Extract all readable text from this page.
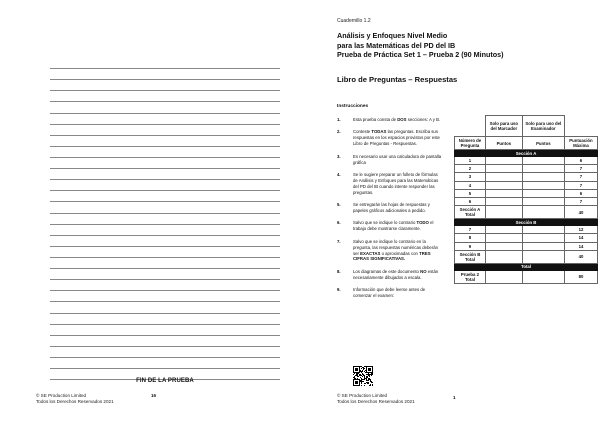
FIN DE LA PRUEBA
© SE Production Limited
Todos los Derechos Reservados 2021
16
Cuadernillo 1.2
Análisis y Enfoques Nivel Medio
para las Matemáticas del PD del IB
Prueba de Práctica Set 1 – Prueba 2 (90 Minutos)
Libro de Preguntas – Respuestas
Instrucciones
1.	Esta prueba consta de DOS secciones: A y B.
2.	Conteste TODAS las preguntas. Escriba sus respuestas en los espacios provistos por este Libro de Preguntas - Respuestas.
3.	Es necesario usar una calculadora de pantalla gráfica
4.	Se le sugiere preparar un folleto de fórmulas de Análisis y Enfoques para las Matemáticas del PD del IB cuando intente responder las preguntas.
5.	Se entregarán las hojas de respuestas y papeles gráficos adicionales a pedido.
6.	Salvo que se indique lo contrario TODO el trabajo debe mostrarse claramente.
7.	Salvo que se indique lo contrario en la pregunta, las respuestas numéricas deberán ser EXACTAS o aproximadas con TRES CIFRAS SIGNIFICATIVAS.
8.	Los diagramas de este documento NO están necesariamente dibujados a escala.
9.	Información que debe leerse antes de comenzar el examen:
© SE Production Limited
Todos los Derechos Reservados 2021
1
	Solo para uso del Marcador	Solo para uso del Examinador	
Número de Pregunta	Puntos	Puntos	Puntuación Máxima
Sección A			
1			6
2			7
3			7
4			7
5			6
6			7
Sección A Total			40
Sección B			
7			12
8			14
9			14
Sección B Total			40
Total			
Prueba 2 Total			80
